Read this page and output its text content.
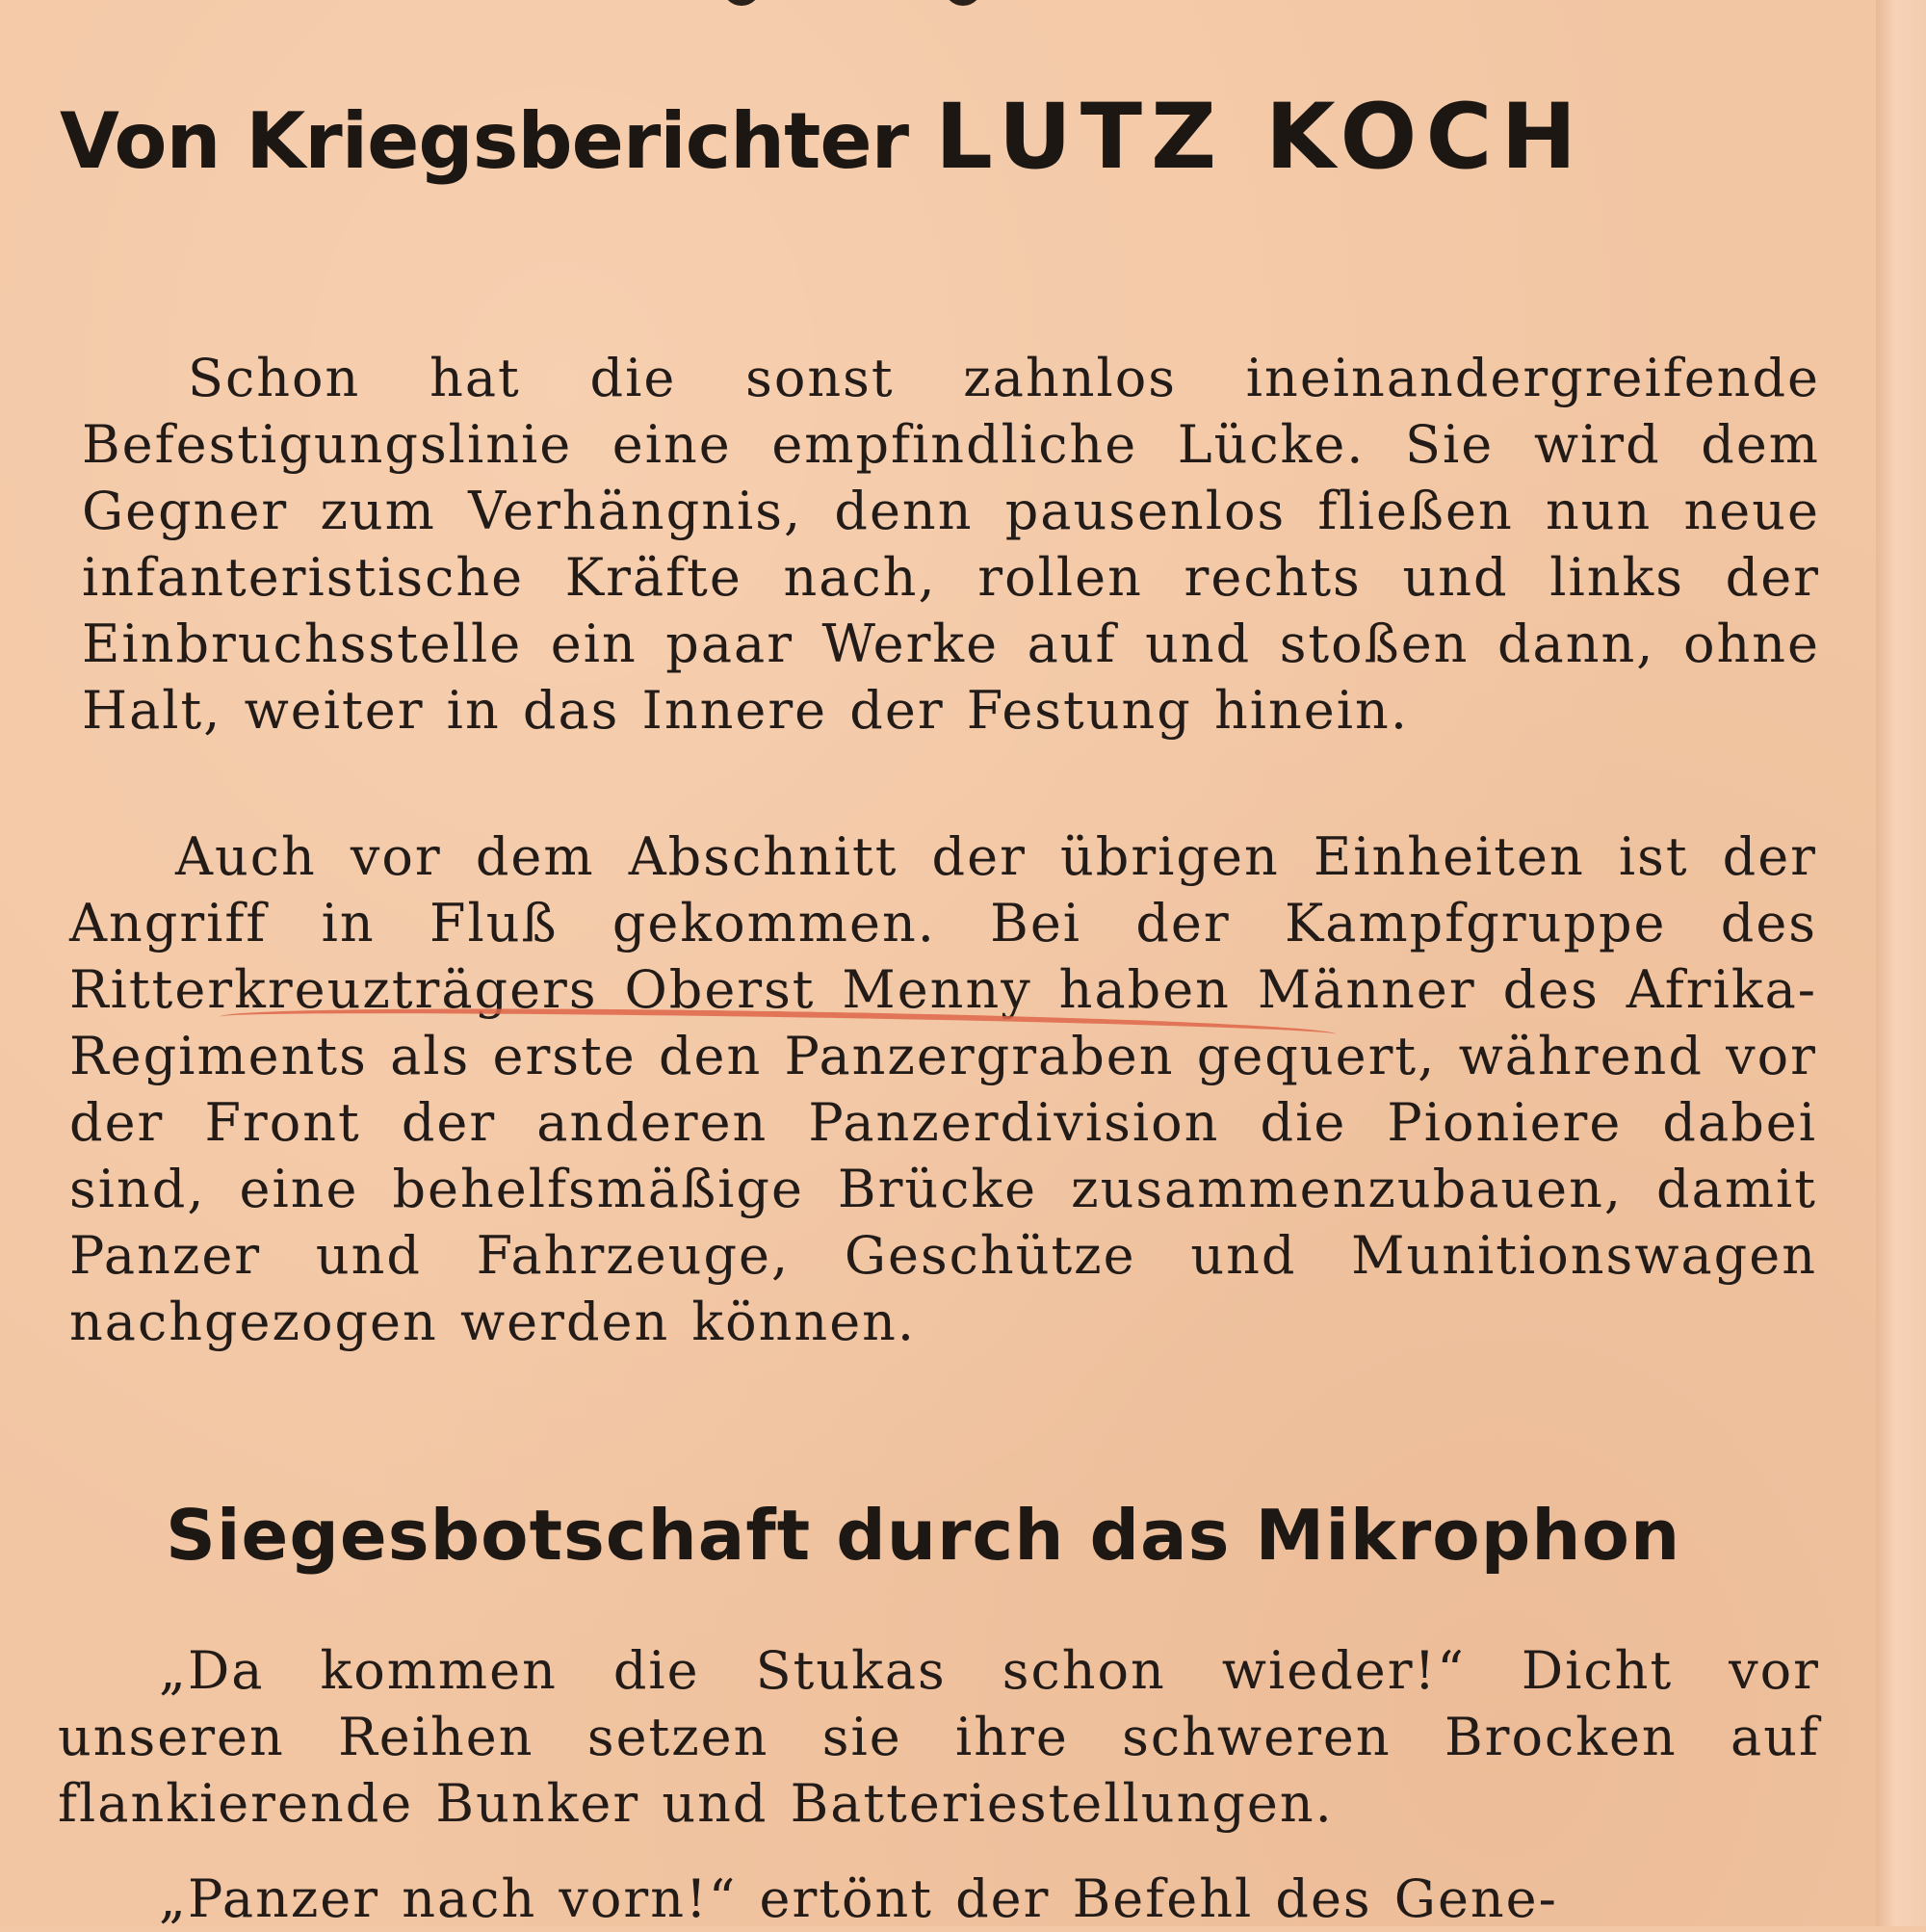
Von Kriegsberichter LUTZ KOCH

Schon hat die sonst zahnlos ineinandergreifende Befestigungslinie eine empfindliche Lücke. Sie wird dem Gegner zum Verhängnis, denn pausenlos fließen nun neue infanteristische Kräfte nach, rollen rechts und links der Einbruchsstelle ein paar Werke auf und stoßen dann, ohne Halt, weiter in das Innere der Festung hinein.

Auch vor dem Abschnitt der übrigen Einheiten ist der Angriff in Fluß gekommen. Bei der Kampfgruppe des Ritterkreuzträgers Oberst Menny haben Männer des Afrika-Regiments als erste den Panzergraben gequert, während vor der Front der anderen Panzerdivision die Pioniere dabei sind, eine behelfsmäßige Brücke zusammenzubauen, damit Panzer und Fahrzeuge, Geschütze und Munitionswagen nachgezogen werden können.

Siegesbotschaft durch das Mikrophon

„Da kommen die Stukas schon wieder!“ Dicht vor unseren Reihen setzen sie ihre schweren Brocken auf flankierende Bunker und Batteriestellungen.

„Panzer nach vorn!“ ertönt der Befehl des Gene-
